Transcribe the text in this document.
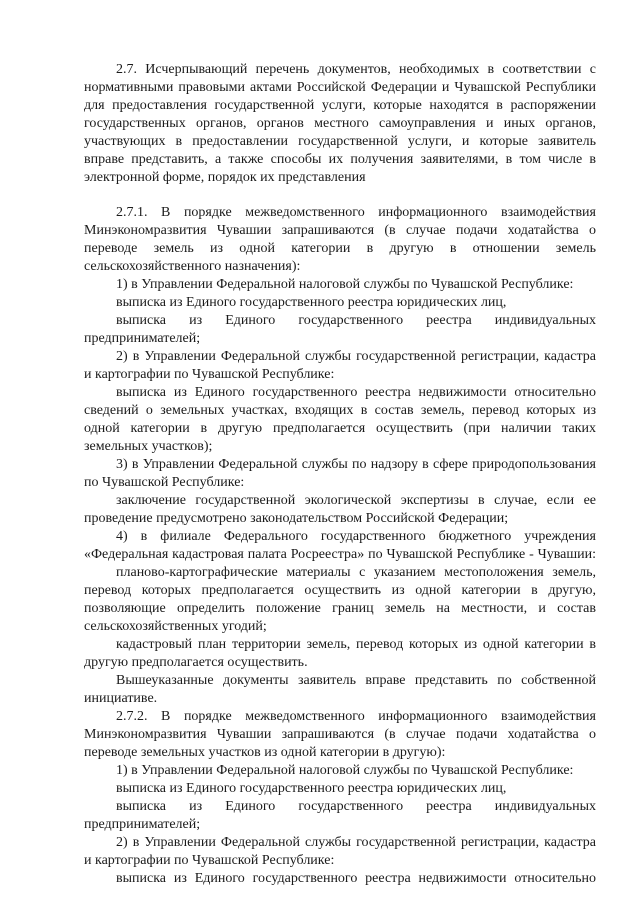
2.7. Исчерпывающий перечень документов, необходимых в соответствии с

нормативными правовыми актами Российской Федерации и Чувашской Республики

для предоставления государственной услуги, которые находятся в распоряжении

государственных органов, органов местного самоуправления и иных органов,

участвующих в предоставлении государственной услуги, и которые заявитель

вправе представить, а также способы их получения заявителями, в том числе в

электронной форме, порядок их представления

2.7.1. В порядке межведомственного информационного взаимодействия

Минэкономразвития Чувашии запрашиваются (в случае подачи ходатайства о

переводе земель из одной категории в другую в отношении земель

сельскохозяйственного назначения):

1) в Управлении Федеральной налоговой службы по Чувашской Республике:

выписка из Единого государственного реестра юридических лиц,

выписка из Единого государственного реестра индивидуальных

предпринимателей;

2) в Управлении Федеральной службы государственной регистрации, кадастра

и картографии по Чувашской Республике:

выписка из Единого государственного реестра недвижимости относительно

сведений о земельных участках, входящих в состав земель, перевод которых из

одной категории в другую предполагается осуществить (при наличии таких

земельных участков);

3) в Управлении Федеральной службы по надзору в сфере природопользования

по Чувашской Республике:

заключение государственной экологической экспертизы в случае, если ее

проведение предусмотрено законодательством Российской Федерации;

4) в филиале Федерального государственного бюджетного учреждения

«Федеральная кадастровая палата Росреестра» по Чувашской Республике - Чувашии:

планово-картографические материалы с указанием местоположения земель,

перевод которых предполагается осуществить из одной категории в другую,

позволяющие определить положение границ земель на местности, и состав

сельскохозяйственных угодий;

кадастровый план территории земель, перевод которых из одной категории в

другую предполагается осуществить.

Вышеуказанные документы заявитель вправе представить по собственной

инициативе.

2.7.2. В порядке межведомственного информационного взаимодействия

Минэкономразвития Чувашии запрашиваются (в случае подачи ходатайства о

переводе земельных участков из одной категории в другую):

1) в Управлении Федеральной налоговой службы по Чувашской Республике:

выписка из Единого государственного реестра юридических лиц,

выписка из Единого государственного реестра индивидуальных

предпринимателей;

2) в Управлении Федеральной службы государственной регистрации, кадастра

и картографии по Чувашской Республике:

выписка из Единого государственного реестра недвижимости относительно
